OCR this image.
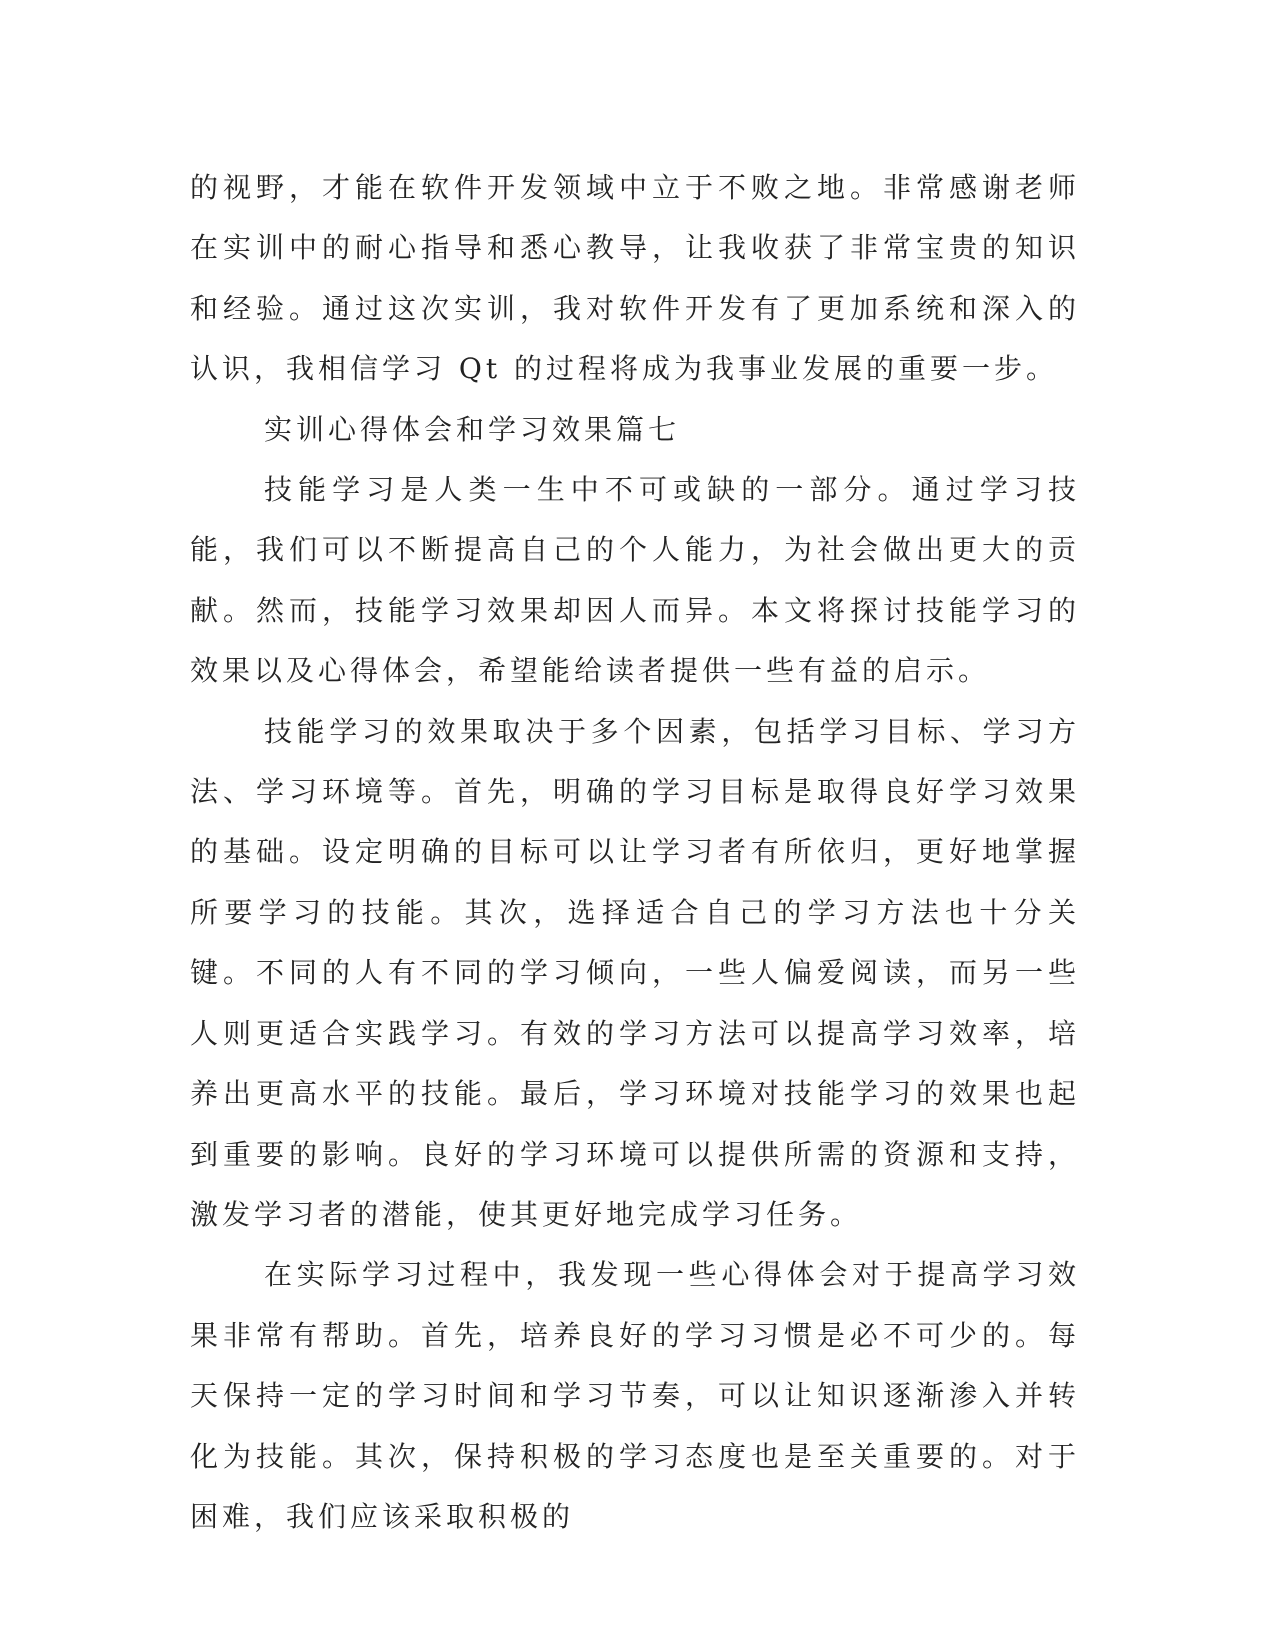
的视野，才能在软件开发领域中立于不败之地。非常感谢老师在实训中的耐心指导和悉心教导，让我收获了非常宝贵的知识和经验。通过这次实训，我对软件开发有了更加系统和深入的认识，我相信学习 Qt 的过程将成为我事业发展的重要一步。

实训心得体会和学习效果篇七

技能学习是人类一生中不可或缺的一部分。通过学习技能，我们可以不断提高自己的个人能力，为社会做出更大的贡献。然而，技能学习效果却因人而异。本文将探讨技能学习的效果以及心得体会，希望能给读者提供一些有益的启示。

技能学习的效果取决于多个因素，包括学习目标、学习方法、学习环境等。首先，明确的学习目标是取得良好学习效果的基础。设定明确的目标可以让学习者有所依归，更好地掌握所要学习的技能。其次，选择适合自己的学习方法也十分关键。不同的人有不同的学习倾向，一些人偏爱阅读，而另一些人则更适合实践学习。有效的学习方法可以提高学习效率，培养出更高水平的技能。最后，学习环境对技能学习的效果也起到重要的影响。良好的学习环境可以提供所需的资源和支持，激发学习者的潜能，使其更好地完成学习任务。

在实际学习过程中，我发现一些心得体会对于提高学习效果非常有帮助。首先，培养良好的学习习惯是必不可少的。每天保持一定的学习时间和学习节奏，可以让知识逐渐渗入并转化为技能。其次，保持积极的学习态度也是至关重要的。对于困难，我们应该采取积极的
